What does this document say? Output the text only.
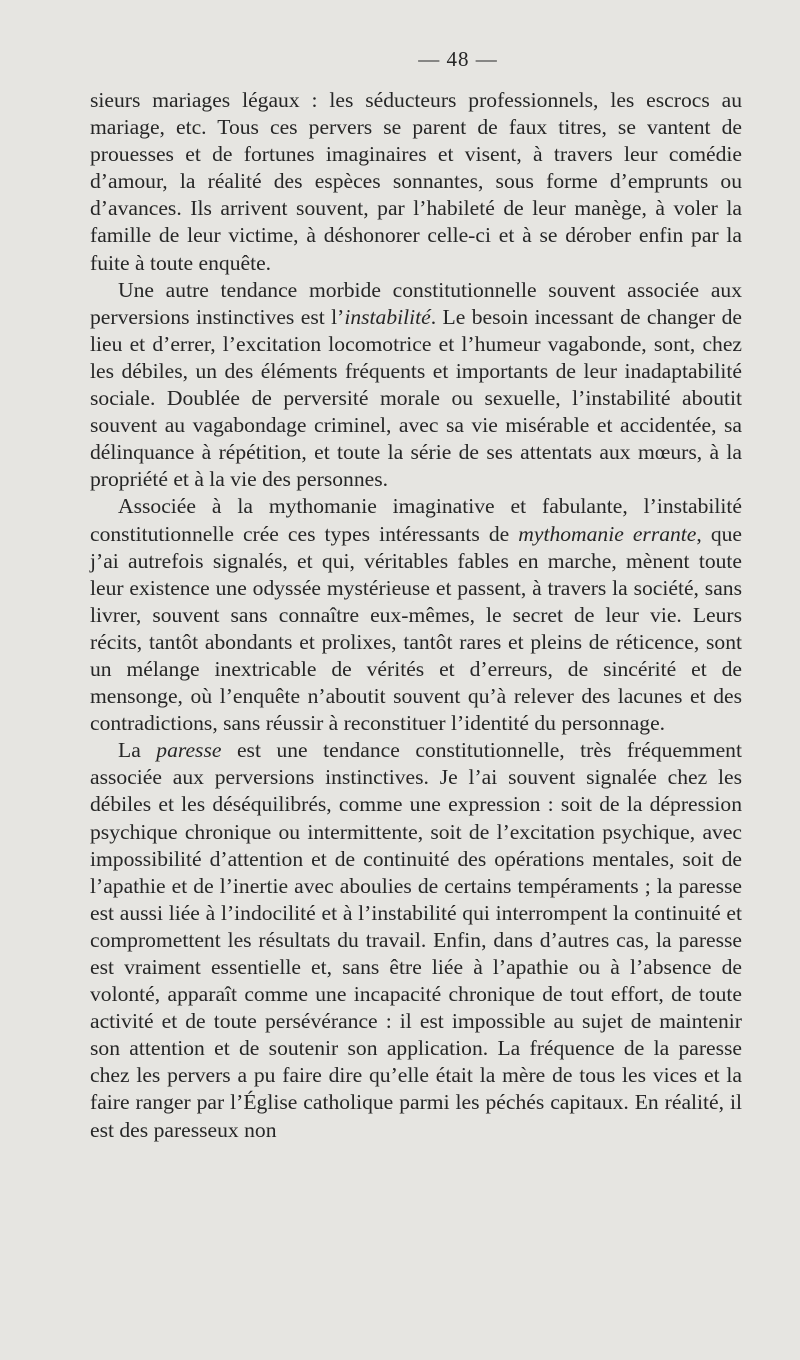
— 48 —

sieurs mariages légaux : les séducteurs professionnels, les escrocs au mariage, etc. Tous ces pervers se parent de faux titres, se vantent de prouesses et de fortunes imaginaires et visent, à travers leur comédie d’amour, la réalité des espèces sonnantes, sous forme d’emprunts ou d’avances. Ils arrivent souvent, par l’habileté de leur manège, à voler la famille de leur victime, à déshonorer celle-ci et à se dérober enfin par la fuite à toute enquête.

Une autre tendance morbide constitutionnelle souvent associée aux perversions instinctives est l’instabilité. Le besoin incessant de changer de lieu et d’errer, l’excitation locomotrice et l’humeur vagabonde, sont, chez les débiles, un des éléments fréquents et importants de leur inadaptabilité sociale. Doublée de perversité morale ou sexuelle, l’instabilité aboutit souvent au vagabondage criminel, avec sa vie misérable et accidentée, sa délinquance à répétition, et toute la série de ses attentats aux mœurs, à la propriété et à la vie des personnes.

Associée à la mythomanie imaginative et fabulante, l’instabilité constitutionnelle crée ces types intéressants de mythomanie errante, que j’ai autrefois signalés, et qui, véritables fables en marche, mènent toute leur existence une odyssée mystérieuse et passent, à travers la société, sans livrer, souvent sans connaître eux-mêmes, le secret de leur vie. Leurs récits, tantôt abondants et prolixes, tantôt rares et pleins de réticence, sont un mélange inextricable de vérités et d’erreurs, de sincérité et de mensonge, où l’enquête n’aboutit souvent qu’à relever des lacunes et des contradictions, sans réussir à reconstituer l’identité du personnage.

La paresse est une tendance constitutionnelle, très fréquemment associée aux perversions instinctives. Je l’ai souvent signalée chez les débiles et les déséquilibrés, comme une expression : soit de la dépression psychique chronique ou intermittente, soit de l’excitation psychique, avec impossibilité d’attention et de continuité des opérations mentales, soit de l’apathie et de l’inertie avec aboulies de certains tempéraments ; la paresse est aussi liée à l’indocilité et à l’instabilité qui interrompent la continuité et compromettent les résultats du travail. Enfin, dans d’autres cas, la paresse est vraiment essentielle et, sans être liée à l’apathie ou à l’absence de volonté, apparaît comme une incapacité chronique de tout effort, de toute activité et de toute persévérance : il est impossible au sujet de maintenir son attention et de soutenir son application. La fréquence de la paresse chez les pervers a pu faire dire qu’elle était la mère de tous les vices et la faire ranger par l’Église catholique parmi les péchés capitaux. En réalité, il est des paresseux non
